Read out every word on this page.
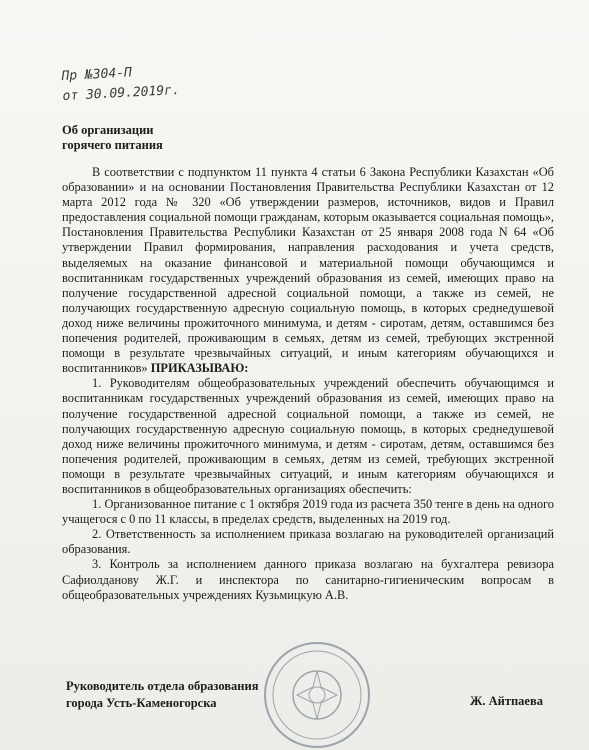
Пр №304-П
от 30.09.2019г.
Об организации
горячего питания

В соответствии с подпунктом 11 пункта 4 статьи 6 Закона Республики Казахстан «Об образовании» и на основании Постановления Правительства Республики Казахстан от 12 марта 2012 года № 320 «Об утверждении размеров, источников, видов и Правил предоставления социальной помощи гражданам, которым оказывается социальная помощь», Постановления Правительства Республики Казахстан от 25 января 2008 года N 64 «Об утверждении Правил формирования, направления расходования и учета средств, выделяемых на оказание финансовой и материальной помощи обучающимся и воспитанникам государственных учреждений образования из семей, имеющих право на получение государственной адресной социальной помощи, а также из семей, не получающих государственную адресную социальную помощь, в которых среднедушевой доход ниже величины прожиточного минимума, и детям - сиротам, детям, оставшимся без попечения родителей, проживающим в семьях, детям из семей, требующих экстренной помощи в результате чрезвычайных ситуаций, и иным категориям обучающихся и воспитанников» ПРИКАЗЫВАЮ:

1. Руководителям общеобразовательных учреждений обеспечить обучающимся и воспитанникам государственных учреждений образования из семей, имеющих право на получение государственной адресной социальной помощи, а также из семей, не получающих государственную адресную социальную помощь, в которых среднедушевой доход ниже величины прожиточного минимума, и детям - сиротам, детям, оставшимся без попечения родителей, проживающим в семьях, детям из семей, требующих экстренной помощи в результате чрезвычайных ситуаций, и иным категориям обучающихся и воспитанников в общеобразовательных организациях обеспечить:

1. Организованное питание с 1 октября 2019 года из расчета 350 тенге в день на одного учащегося с 0 по 11 классы, в пределах средств, выделенных на 2019 год.

2. Ответственность за исполнением приказа возлагаю на руководителей организаций образования.

3. Контроль за исполнением данного приказа возлагаю на бухгалтера ревизора Сафиолданову Ж.Г. и инспектора по санитарно-гигиеническим вопросам в общеобразовательных учреждениях Кузьмицкую А.В.

Руководитель отдела образования
города Усть-Каменогорска	Ж. Айтпаева
